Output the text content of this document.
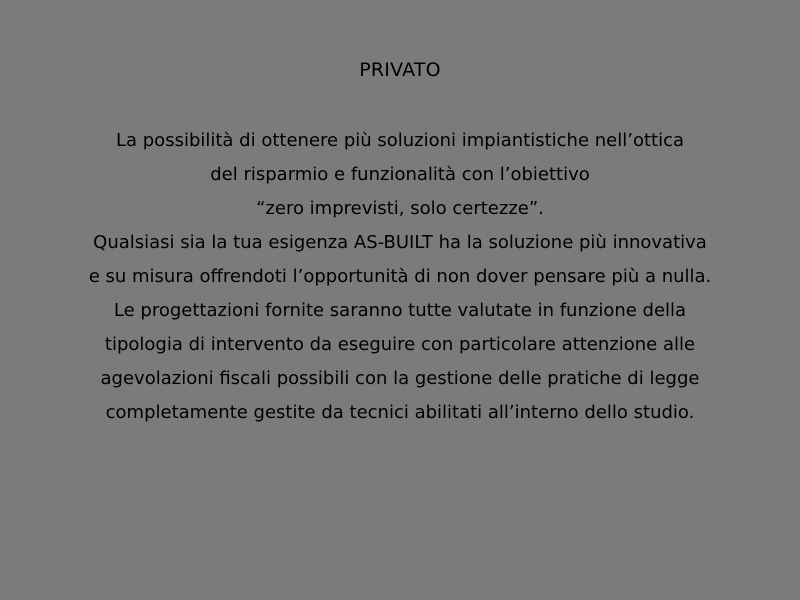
PRIVATO
La possibilità di ottenere più soluzioni impiantistiche nell’ottica
del risparmio e funzionalità con l’obiettivo
“zero imprevisti, solo certezze”.
Qualsiasi sia la tua esigenza AS-BUILT ha la soluzione più innovativa
e su misura offrendoti l’opportunità di non dover pensare più a nulla.
Le progettazioni fornite saranno tutte valutate in funzione della
tipologia di intervento da eseguire con particolare attenzione alle
agevolazioni fiscali possibili con la gestione delle pratiche di legge
completamente gestite da tecnici abilitati all’interno dello studio.
